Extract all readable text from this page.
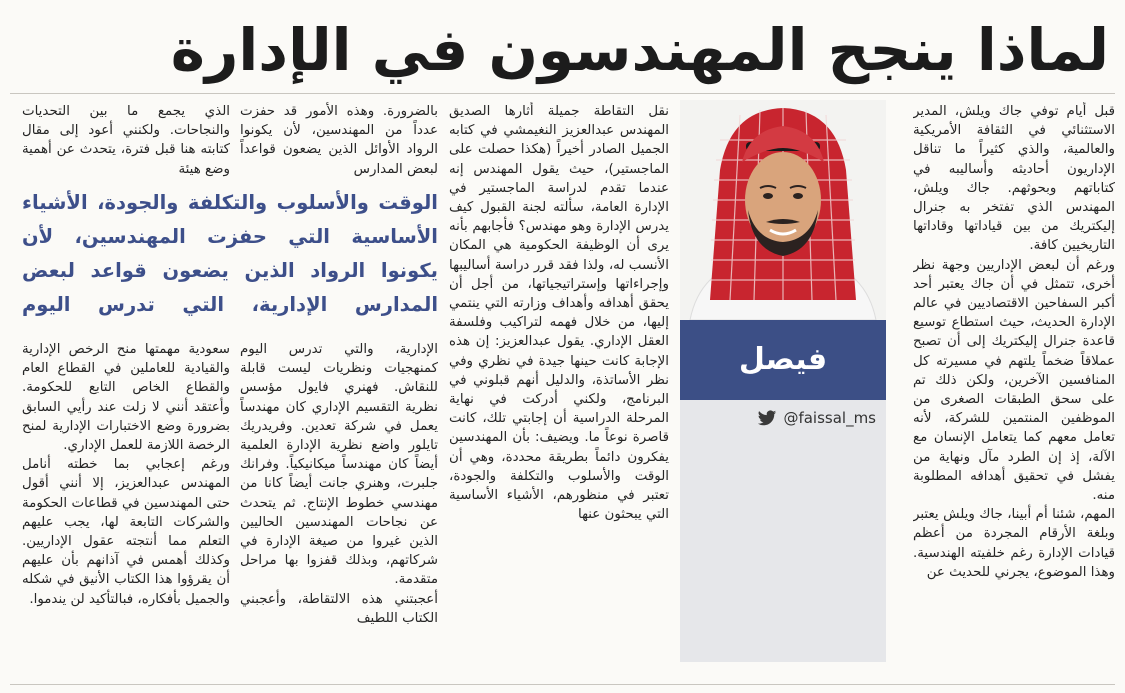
لماذا ينجح المهندسون في الإدارة
قبل أيام توفي جاك ويلش، المدير الاستثنائي في الثقافة الأمريكية والعالمية، والذي كثيراً ما تناقل الإداريون أحاديثه وأساليبه في كتاباتهم وبحوثهم. جاك ويلش، المهندس الذي تفتخر به جنرال إليكتريك من بين قياداتها وقاداتها التاريخيين كافة.
ورغم أن لبعض الإداريين وجهة نظر أخرى، تتمثل في أن جاك يعتبر أحد أكبر السفاحين الاقتصاديين في عالم الإدارة الحديث، حيث استطاع توسيع قاعدة جنرال إليكتريك إلى أن تصبح عملاقاً ضخماً يلتهم في مسيرته كل المنافسين الآخرين، ولكن ذلك تم على سحق الطبقات الصغرى من الموظفين المنتمين للشركة، لأنه تعامل معهم كما يتعامل الإنسان مع الآلة، إذ إن الطرد مآل ونهاية من يفشل في تحقيق أهدافه المطلوبة منه.
المهم، شئنا أم أبينا، جاك ويلش يعتبر وبلغة الأرقام المجردة من أعظم قيادات الإدارة رغم خلفيته الهندسية. وهذا الموضوع، يجرني للحديث عن
فيصل
@faissal_ms
نقل التقاطة جميلة أثارها الصديق المهندس عبدالعزيز النغيمشي في كتابه الجميل الصادر أخيراً (هكذا حصلت على الماجستير)، حيث يقول المهندس إنه عندما تقدم لدراسة الماجستير في الإدارة العامة، سألته لجنة القبول كيف يدرس الإدارة وهو مهندس؟ فأجابهم بأنه يرى أن الوظيفة الحكومية هي المكان الأنسب له، ولذا فقد قرر دراسة أساليبها وإجراءاتها وإستراتيجياتها، من أجل أن يحقق أهدافه وأهداف وزارته التي ينتمي إليها، من خلال فهمه لتراكيب وفلسفة العقل الإداري. يقول عبدالعزيز: إن هذه الإجابة كانت حينها جيدة في نظري وفي نظر الأساتذة، والدليل أنهم قبلوني في البرنامج، ولكني أدركت في نهاية المرحلة الدراسية أن إجابتي تلك، كانت قاصرة نوعاً ما. ويضيف: بأن المهندسين يفكرون دائماً بطريقة محددة، وهي أن الوقت والأسلوب والتكلفة والجودة، تعتبر في منظورهم، الأشياء الأساسية التي يبحثون عنها
بالضرورة. وهذه الأمور قد حفزت عدداً من المهندسين، لأن يكونوا الرواد الأوائل الذين يضعون قواعداً لبعض المدارس
الذي يجمع ما بين التحديات والنجاحات. ولكنني أعود إلى مقال كتابته هنا قبل فترة، يتحدث عن أهمية وضع هيئة
الوقت والأسلوب والتكلفة والجودة، الأشياء الأساسية التي حفزت المهندسين، لأن يكونوا الرواد الذين يضعون قواعد لبعض المدارس الإدارية، التي تدرس اليوم
الإدارية، والتي تدرس اليوم كمنهجيات ونظريات ليست قابلة للنقاش. فهنري فايول مؤسس نظرية التقسيم الإداري كان مهندساً يعمل في شركة تعدين. وفريدريك تايلور واضع نظرية الإدارة العلمية أيضاً كان مهندساً ميكانيكياً. وفرانك جلبرت، وهنري جانت أيضاً كانا من مهندسي خطوط الإنتاج. ثم يتحدث عن نجاحات المهندسين الحاليين الذين غيروا من صيغة الإدارة في شركاتهم، وبذلك قفزوا بها مراحل متقدمة.
أعجبتني هذه الالتقاطة، وأعجبني الكتاب اللطيف
سعودية مهمتها منح الرخص الإدارية والقيادية للعاملين في القطاع العام والقطاع الخاص التابع للحكومة. وأعتقد أنني لا زلت عند رأيي السابق بضرورة وضع الاختبارات الإدارية لمنح الرخصة اللازمة للعمل الإداري.
ورغم إعجابي بما خطته أنامل المهندس عبدالعزيز، إلا أنني أقول حتى المهندسين في قطاعات الحكومة والشركات التابعة لها، يجب عليهم التعلم مما أنتجته عقول الإداريين. وكذلك أهمس في آذانهم بأن عليهم أن يقرؤوا هذا الكتاب الأنيق في شكله والجميل بأفكاره، فبالتأكيد لن يندموا.
